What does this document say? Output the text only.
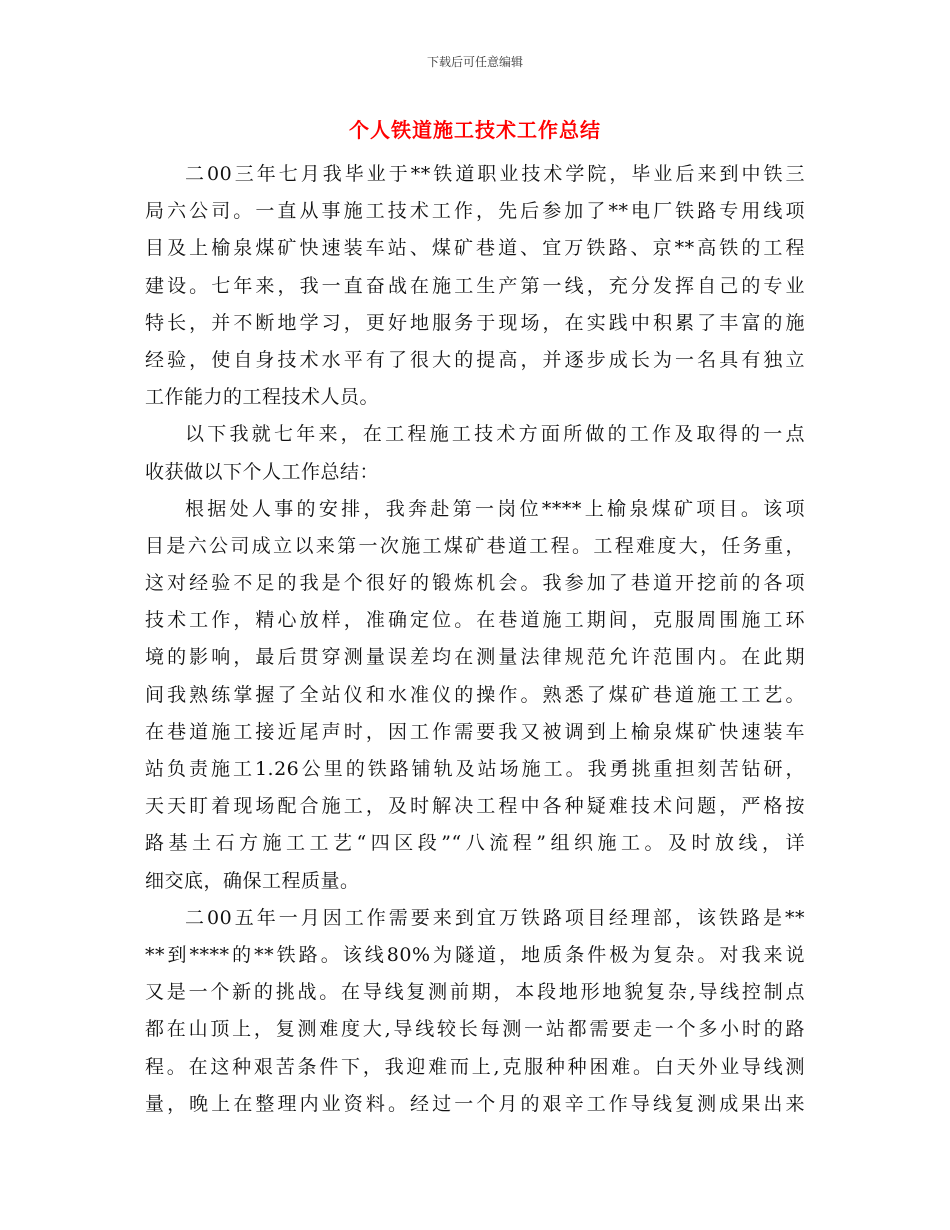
下载后可任意编辑
个人铁道施工技术工作总结
二00三年七月我毕业于**铁道职业技术学院，毕业后来到中铁三
局六公司。一直从事施工技术工作，先后参加了**电厂铁路专用线项
目及上榆泉煤矿快速装车站、煤矿巷道、宜万铁路、京**高铁的工程
建设。七年来，我一直奋战在施工生产第一线，充分发挥自己的专业
特长，并不断地学习，更好地服务于现场，在实践中积累了丰富的施
经验，使自身技术水平有了很大的提高，并逐步成长为一名具有独立
工作能力的工程技术人员。
以下我就七年来，在工程施工技术方面所做的工作及取得的一点
收获做以下个人工作总结：
根据处人事的安排，我奔赴第一岗位****上榆泉煤矿项目。该项
目是六公司成立以来第一次施工煤矿巷道工程。工程难度大，任务重，
这对经验不足的我是个很好的锻炼机会。我参加了巷道开挖前的各项
技术工作，精心放样，准确定位。在巷道施工期间，克服周围施工环
境的影响，最后贯穿测量误差均在测量法律规范允许范围内。在此期
间我熟练掌握了全站仪和水准仪的操作。熟悉了煤矿巷道施工工艺。
在巷道施工接近尾声时，因工作需要我又被调到上榆泉煤矿快速装车
站负责施工1.26公里的铁路铺轨及站场施工。我勇挑重担刻苦钻研，
天天盯着现场配合施工，及时解决工程中各种疑难技术问题，严格按
路基土石方施工工艺“四区段”“八流程”组织施工。及时放线，详
细交底，确保工程质量。
二00五年一月因工作需要来到宜万铁路项目经理部，该铁路是**
**到****的**铁路。该线80%为隧道，地质条件极为复杂。对我来说
又是一个新的挑战。在导线复测前期，本段地形地貌复杂,导线控制点
都在山顶上，复测难度大,导线较长每测一站都需要走一个多小时的路
程。在这种艰苦条件下，我迎难而上,克服种种困难。白天外业导线测
量，晚上在整理内业资料。经过一个月的艰辛工作导线复测成果出来
